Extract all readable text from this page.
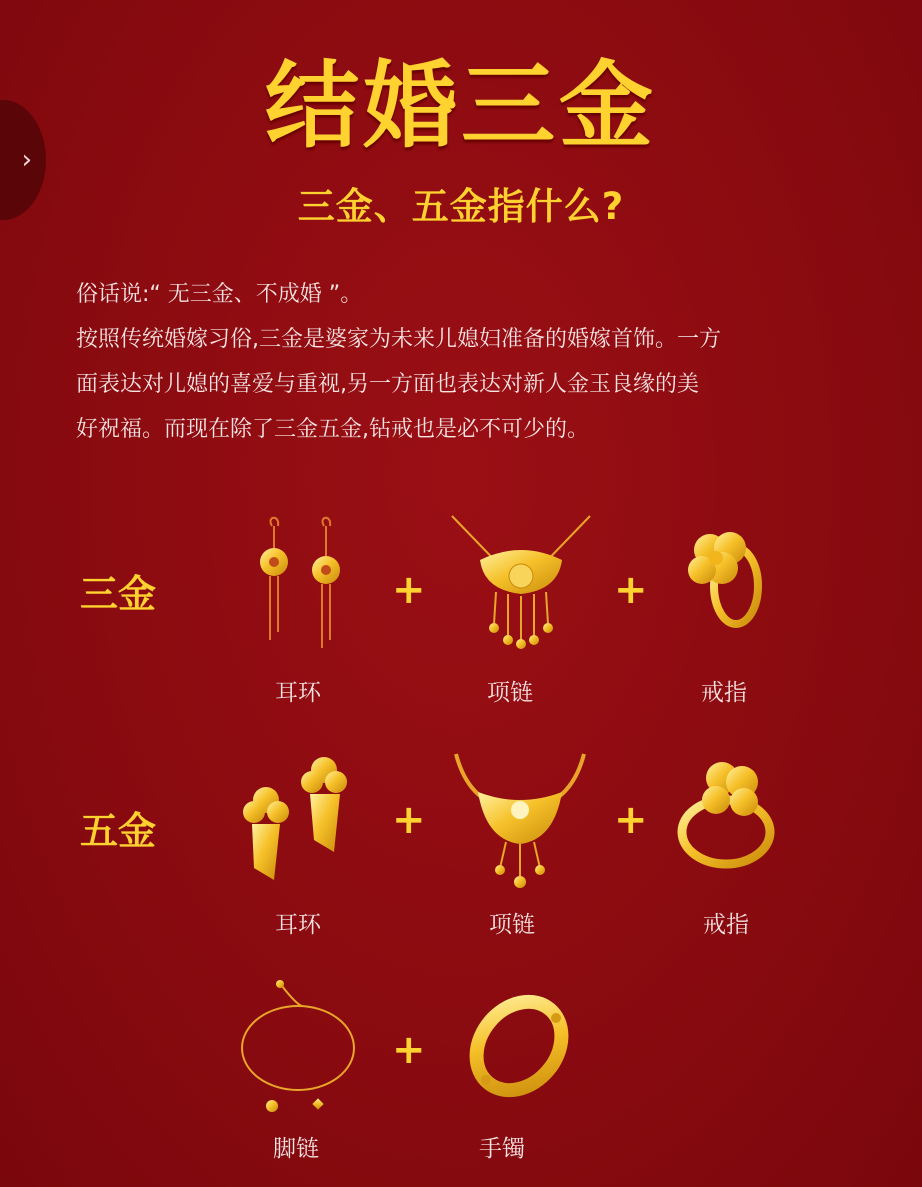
›	结婚三金
三金、五金指什么?
俗话说:“ 无三金、不成婚 ”。
按照传统婚嫁习俗,三金是婆家为未来儿媳妇准备的婚嫁首饰。一方
面表达对儿媳的喜爱与重视,另一方面也表达对新人金玉良缘的美
好祝福。而现在除了三金五金,钻戒也是必不可少的。
三金	+	+
耳环	项链	戒指
五金	+	+
耳环	项链	戒指
+
脚链	手镯
